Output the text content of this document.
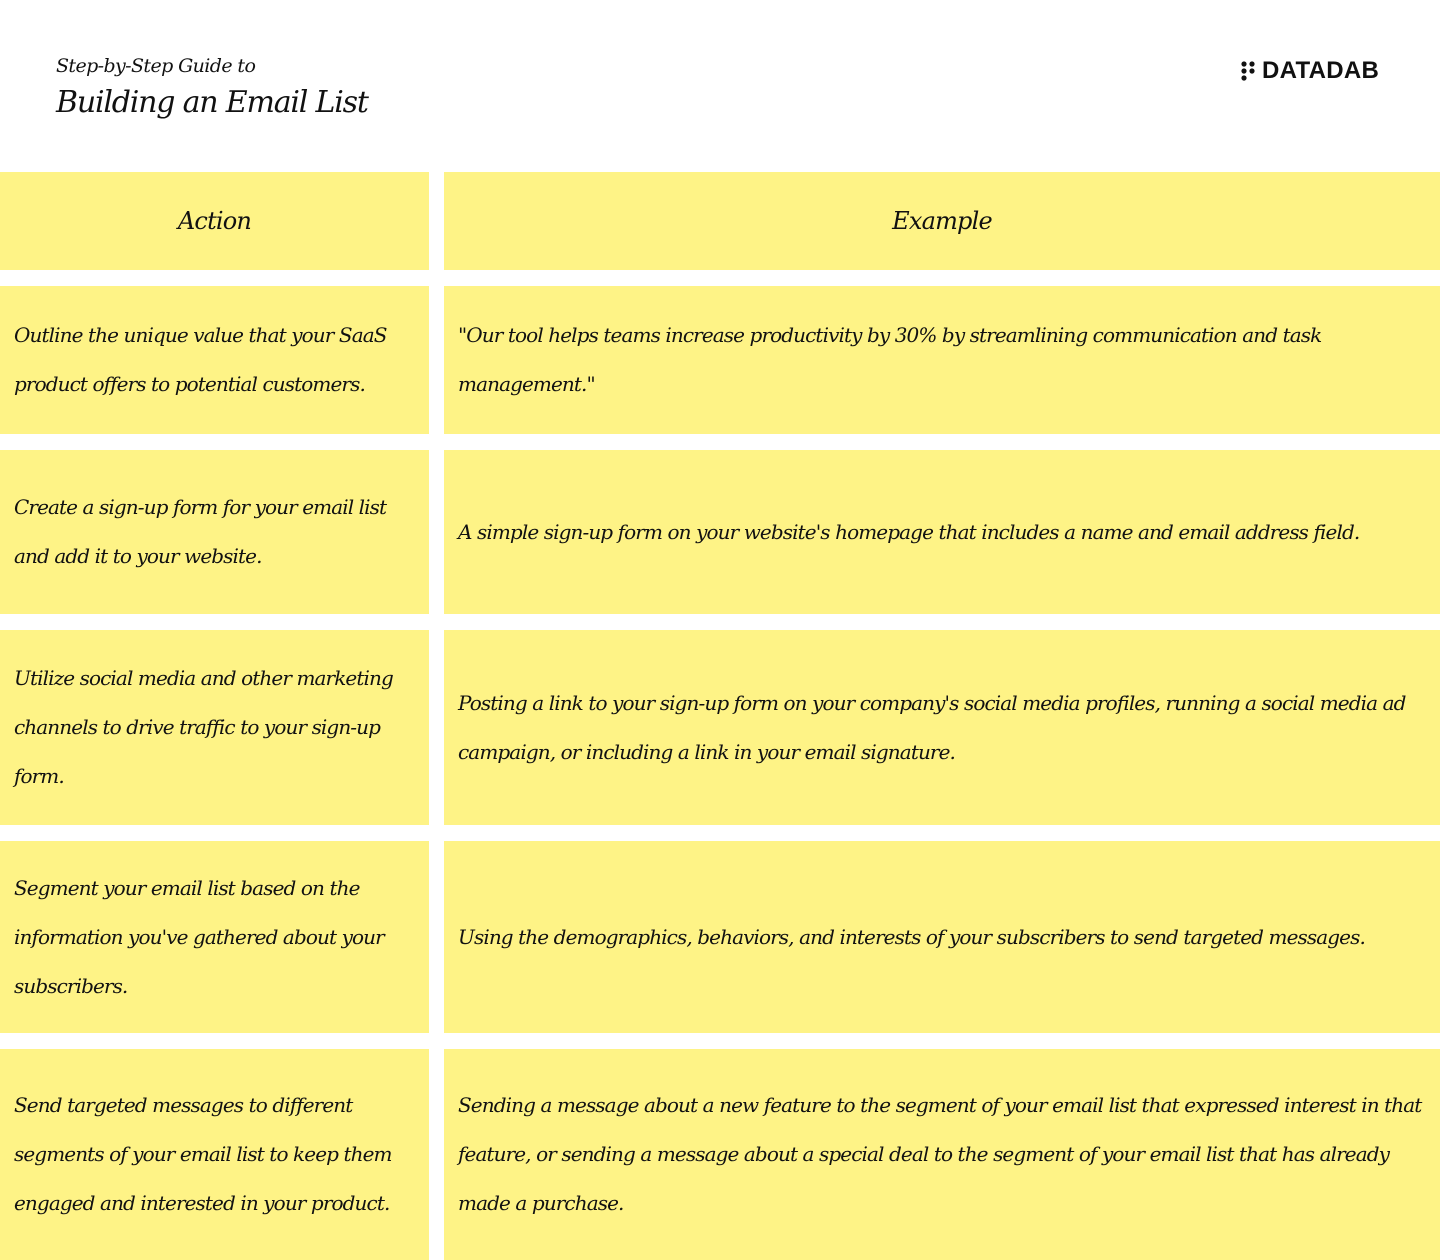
Step-by-Step Guide to
Building an Email List
DATADAB
Action	Example
Outline the unique value that your SaaS product offers to potential customers.
"Our tool helps teams increase productivity by 30% by streamlining communication and task management."
Create a sign-up form for your email list and add it to your website.
A simple sign-up form on your website's homepage that includes a name and email address field.
Utilize social media and other marketing channels to drive traffic to your sign-up form.
Posting a link to your sign-up form on your company's social media profiles, running a social media ad campaign, or including a link in your email signature.
Segment your email list based on the information you've gathered about your subscribers.
Using the demographics, behaviors, and interests of your subscribers to send targeted messages.
Send targeted messages to different segments of your email list to keep them engaged and interested in your product.
Sending a message about a new feature to the segment of your email list that expressed interest in that feature, or sending a message about a special deal to the segment of your email list that has already made a purchase.
